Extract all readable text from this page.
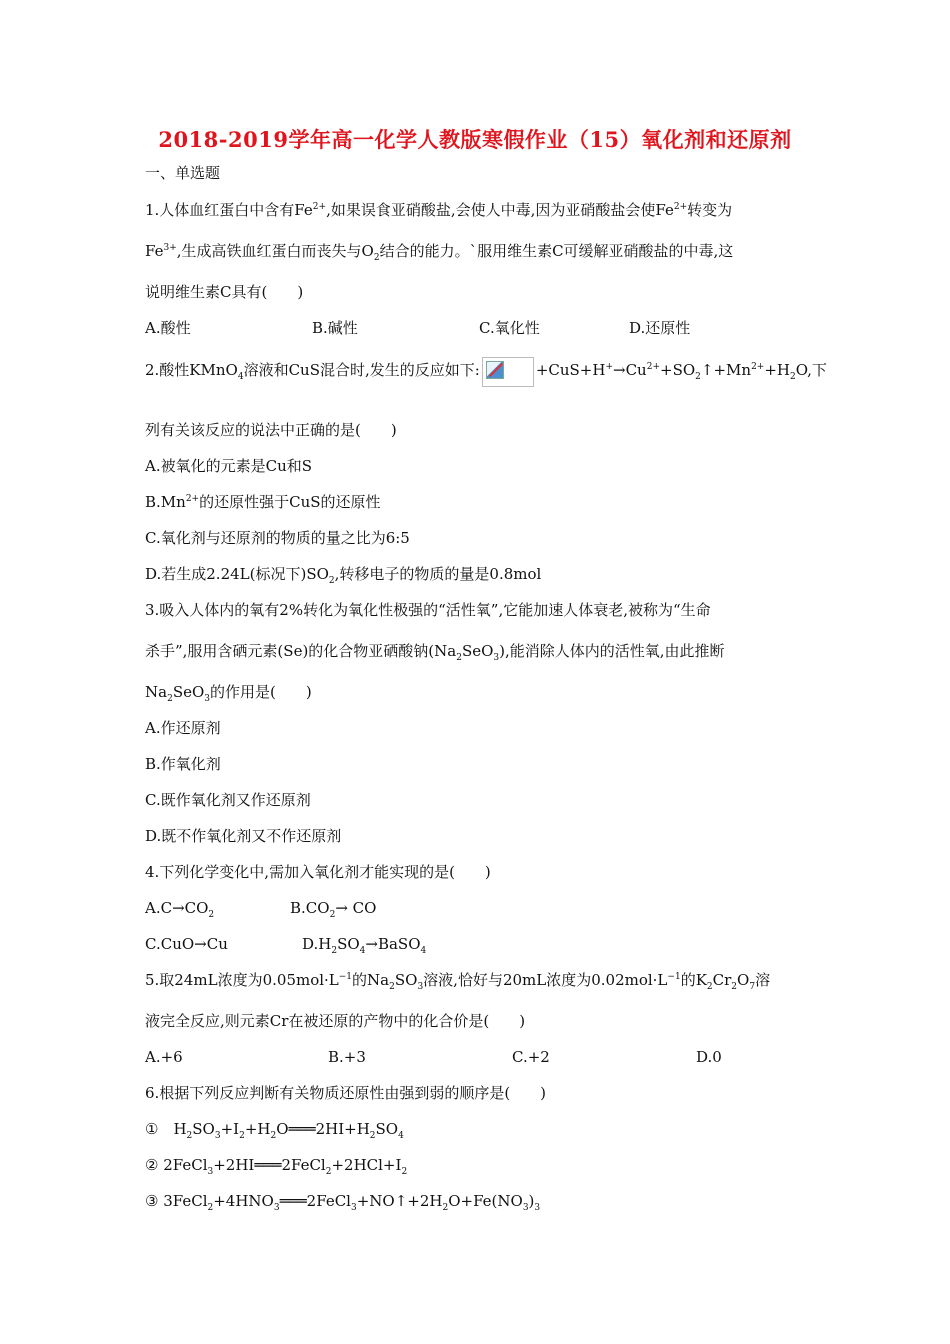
2018-2019学年高一化学人教版寒假作业（15）氧化剂和还原剂
一、单选题
1.人体血红蛋白中含有$Fe^{2+}$,如果误食亚硝酸盐,会使人中毒,因为亚硝酸盐会使$Fe^{2+}$转变为
$Fe^{3+}$,生成高铁血红蛋白而丧失与$O_2$结合的能力。`服用维生素C可缓解亚硝酸盐的中毒,这
说明维生素C具有(　　)
A.酸性	B.碱性	C.氧化性	D.还原性
2.酸性KMnO$_4$溶液和CuS混合时,发生的反应如下:	$+CuS+H^+\to Cu^{2+}+SO_2↑+Mn^{2+}+H_2O$,下
列有关该反应的说法中正确的是(　　)
A.被氧化的元素是Cu和S
$B.Mn^{2+}$的还原性强于CuS的还原性
C.氧化剂与还原剂的物质的量之比为6:5
D.若生成2.24L(标况下)$SO_2$,转移电子的物质的量是0.8mol
3.吸入人体内的氧有2%转化为氧化性极强的“活性氧”,它能加速人体衰老,被称为“生命
杀手”,服用含硒元素(Se)的化合物亚硒酸钠$(Na_2SeO_3)$,能消除人体内的活性氧,由此推断
$Na_2SeO_3$的作用是(　　)
A.作还原剂
B.作氧化剂
C.既作氧化剂又作还原剂
D.既不作氧化剂又不作还原剂
4.下列化学变化中,需加入氧化剂才能实现的是(　　)
$A.C\to CO_2$	$B.CO_2\to$ CO
C.CuO→Cu	$D.H_2SO_4\to BaSO_4$
5.取24mL浓度为$0.05mol\cdot L^{-1}$的$Na_2SO_3$溶液,恰好与20mL浓度为$0.02mol\cdot L^{-1}$的$K_2Cr_2O_7$溶
液完全反应,则元素Cr在被还原的产物中的化合价是(　　)
A.+6	B.+3	C.+2	D.0
6.根据下列反应判断有关物质还原性由强到弱的顺序是(　　)
①　$H_2SO_3+I_2+H_2O═══2HI+H_2SO_4$
② $2FeCl_3+2HI═══2FeCl_2+2HCl+I_2$
③ $3FeCl_2+4HNO_3═══2FeCl_3+NO↑+2H_2O+Fe(NO_3)_3$
